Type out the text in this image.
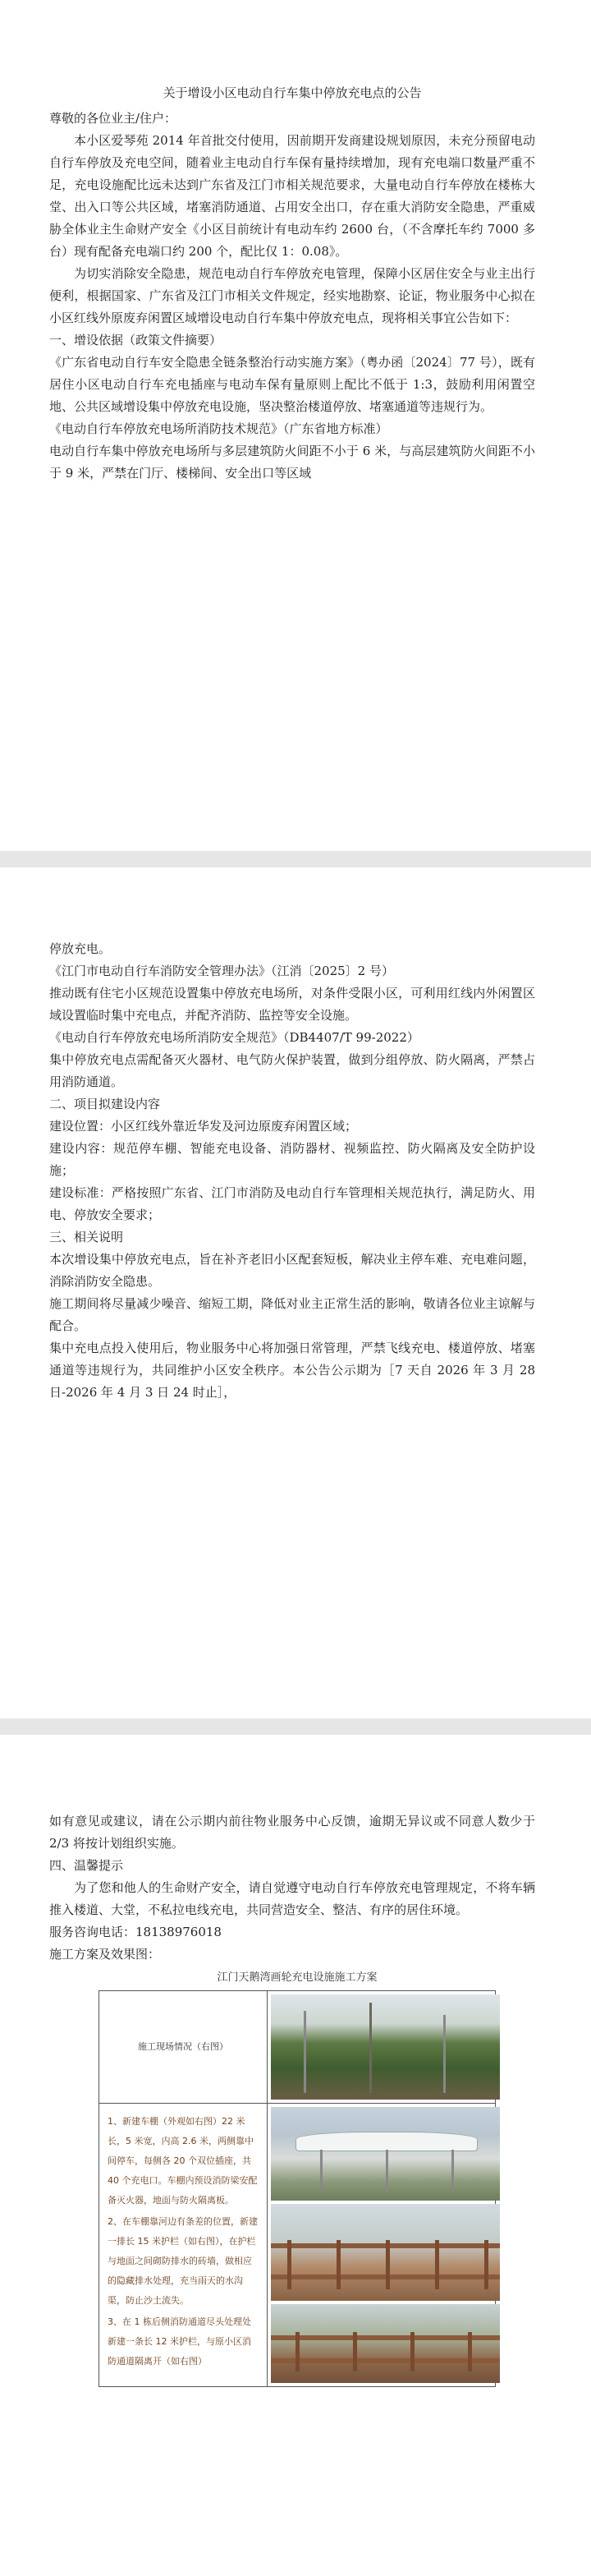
关于增设小区电动自行车集中停放充电点的公告

尊敬的各位业主/住户：

本小区爱琴苑 2014 年首批交付使用，因前期开发商建设规划原因，未充分预留电动自行车停放及充电空间，随着业主电动自行车保有量持续增加，现有充电端口数量严重不足，充电设施配比远未达到广东省及江门市相关规范要求，大量电动自行车停放在楼栋大堂、出入口等公共区域，堵塞消防通道、占用安全出口，存在重大消防安全隐患，严重威胁全体业主生命财产安全《小区目前统计有电动车约 2600 台，（不含摩托车约 7000 多台）现有配备充电端口约 200 个，配比仅 1：0.08》。

为切实消除安全隐患，规范电动自行车停放充电管理，保障小区居住安全与业主出行便利，根据国家、广东省及江门市相关文件规定，经实地勘察、论证，物业服务中心拟在小区红线外原废弃闲置区域增设电动自行车集中停放充电点，现将相关事宜公告如下：

一、增设依据（政策文件摘要）

《广东省电动自行车安全隐患全链条整治行动实施方案》（粤办函〔2024〕77 号），既有居住小区电动自行车充电插座与电动车保有量原则上配比不低于 1:3，鼓励利用闲置空地、公共区域增设集中停放充电设施，坚决整治楼道停放、堵塞通道等违规行为。

《电动自行车停放充电场所消防技术规范》（广东省地方标准）

电动自行车集中停放充电场所与多层建筑防火间距不小于 6 米，与高层建筑防火间距不小于 9 米，严禁在门厅、楼梯间、安全出口等区域

停放充电。

《江门市电动自行车消防安全管理办法》（江消〔2025〕2 号）

推动既有住宅小区规范设置集中停放充电场所，对条件受限小区，可利用红线内外闲置区域设置临时集中充电点，并配齐消防、监控等安全设施。

《电动自行车停放充电场所消防安全规范》（DB4407/T 99-2022）

集中停放充电点需配备灭火器材、电气防火保护装置，做到分组停放、防火隔离，严禁占用消防通道。

二、项目拟建设内容

建设位置：小区红线外靠近华发及河边原废弃闲置区域；

建设内容：规范停车棚、智能充电设备、消防器材、视频监控、防火隔离及安全防护设施；

建设标准：严格按照广东省、江门市消防及电动自行车管理相关规范执行，满足防火、用电、停放安全要求；

三、相关说明

本次增设集中停放充电点，旨在补齐老旧小区配套短板，解决业主停车难、充电难问题，消除消防安全隐患。

施工期间将尽量减少噪音、缩短工期，降低对业主正常生活的影响，敬请各位业主谅解与配合。

集中充电点投入使用后，物业服务中心将加强日常管理，严禁飞线充电、楼道停放、堵塞通道等违规行为，共同维护小区安全秩序。本公告公示期为［7 天自 2026 年 3 月 28 日-2026 年 4 月 3 日 24 时止］，

如有意见或建议，请在公示期内前往物业服务中心反馈，逾期无异议或不同意人数少于 2/3 将按计划组织实施。

四、温馨提示

为了您和他人的生命财产安全，请自觉遵守电动自行车停放充电管理规定，不将车辆推入楼道、大堂，不私拉电线充电，共同营造安全、整洁、有序的居住环境。

服务咨询电话：18138976018

施工方案及效果图：

江门天鹅湾画轮充电设施施工方案
施工现场情况（右图）	

1、新建车棚（外观如右图）22 米长，5 米宽，内高 2.6 米，两侧靠中间停车，每侧各 20 个双位插座，共 40 个充电口。车棚内预设消防梁安配备灭火器，地面与防火隔离板。

2、在车棚靠河边有条差的位置，新建一排长 15 米护栏（如右图），在护栏与地面之间砌防排水的砖墙，做相应的隐藏排水处理，充当雨天的水沟渠，防止沙土流失。

3、在 1 栋后侧消防通道尽头处理处新建一条长 12 米护栏，与原小区消防通道隔离开（如右图）	
